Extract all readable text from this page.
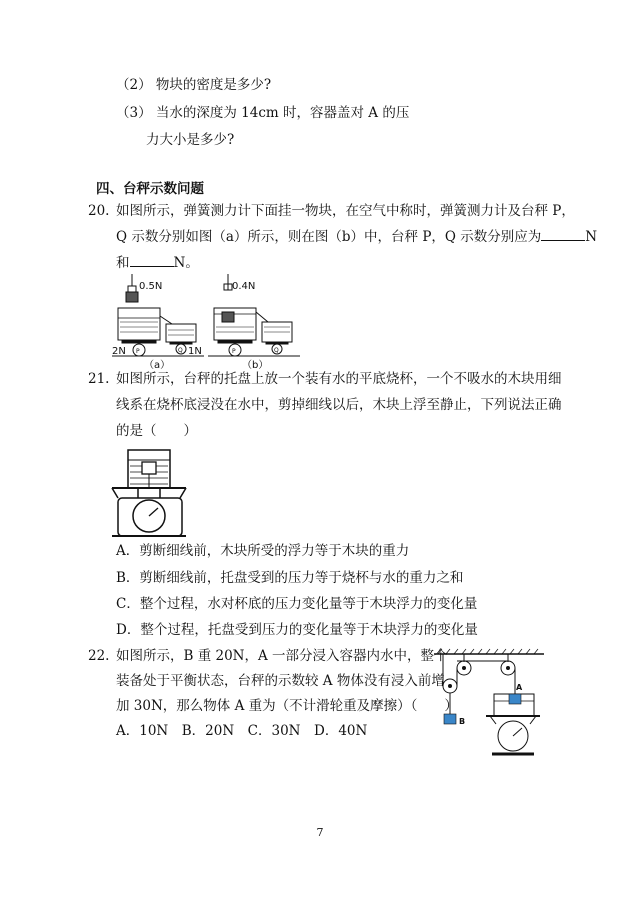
（2） 物块的密度是多少?
（3） 当水的深度为 14cm 时，容器盖对 A 的压
力大小是多少?
四、台秤示数问题
20. 如图所示，弹簧测力计下面挂一物块，在空气中称时，弹簧测力计及台秤 P，
Q 示数分别如图（a）所示，则在图（b）中，台秤 P，Q 示数分别应为	N
和	N。
0.5N
2N P	Q 1N
（a）
0.4N
P	Q
（b）
21. 如图所示，台秤的托盘上放一个装有水的平底烧杯，一个不吸水的木块用细
线系在烧杯底浸没在水中，剪掉细线以后，木块上浮至静止，下列说法正确
的是（　　）
A．剪断细线前，木块所受的浮力等于木块的重力
B．剪断细线前，托盘受到的压力等于烧杯与水的重力之和
C．整个过程，水对杯底的压力变化量等于木块浮力的变化量
D．整个过程，托盘受到压力的变化量等于木块浮力的变化量
22. 如图所示，B 重 20N，A 一部分浸入容器内水中，整个
装备处于平衡状态，台秤的示数较 A 物体没有浸入前增
加 30N，那么物体 A 重为（不计滑轮重及摩擦）（　　）
A．10N  B．20N  C．30N  D．40N
A
B
7
